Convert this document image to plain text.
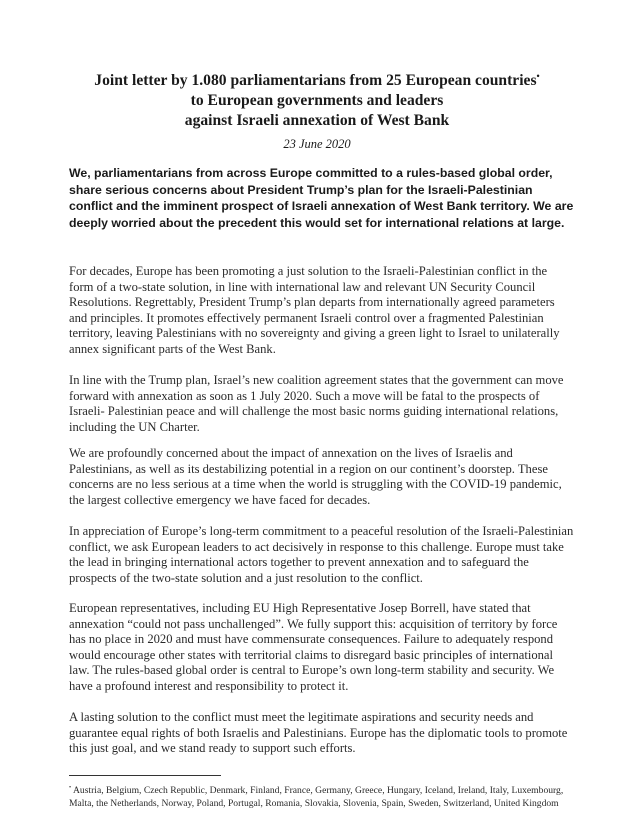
Joint letter by 1.080 parliamentarians from 25 European countries•
to European governments and leaders
against Israeli annexation of West Bank
23 June 2020

We, parliamentarians from across Europe committed to a rules-based global order, share serious concerns about President Trump’s plan for the Israeli-Palestinian conflict and the imminent prospect of Israeli annexation of West Bank territory. We are deeply worried about the precedent this would set for international relations at large.

For decades, Europe has been promoting a just solution to the Israeli-Palestinian conflict in the form of a two-state solution, in line with international law and relevant UN Security Council Resolutions. Regrettably, President Trump’s plan departs from internationally agreed parameters and principles. It promotes effectively permanent Israeli control over a fragmented Palestinian territory, leaving Palestinians with no sovereignty and giving a green light to Israel to unilaterally annex significant parts of the West Bank.

In line with the Trump plan, Israel’s new coalition agreement states that the government can move forward with annexation as soon as 1 July 2020. Such a move will be fatal to the prospects of Israeli- Palestinian peace and will challenge the most basic norms guiding international relations, including the UN Charter.

We are profoundly concerned about the impact of annexation on the lives of Israelis and Palestinians, as well as its destabilizing potential in a region on our continent’s doorstep. These concerns are no less serious at a time when the world is struggling with the COVID-19 pandemic, the largest collective emergency we have faced for decades.

In appreciation of Europe’s long-term commitment to a peaceful resolution of the Israeli-Palestinian conflict, we ask European leaders to act decisively in response to this challenge. Europe must take the lead in bringing international actors together to prevent annexation and to safeguard the prospects of the two-state solution and a just resolution to the conflict.

European representatives, including EU High Representative Josep Borrell, have stated that annexation “could not pass unchallenged”. We fully support this: acquisition of territory by force has no place in 2020 and must have commensurate consequences. Failure to adequately respond would encourage other states with territorial claims to disregard basic principles of international law. The rules-based global order is central to Europe’s own long-term stability and security. We have a profound interest and responsibility to protect it.

A lasting solution to the conflict must meet the legitimate aspirations and security needs and guarantee equal rights of both Israelis and Palestinians. Europe has the diplomatic tools to promote this just goal, and we stand ready to support such efforts.

• Austria, Belgium, Czech Republic, Denmark, Finland, France, Germany, Greece, Hungary, Iceland, Ireland, Italy, Luxembourg, Malta, the Netherlands, Norway, Poland, Portugal, Romania, Slovakia, Slovenia, Spain, Sweden, Switzerland, United Kingdom
